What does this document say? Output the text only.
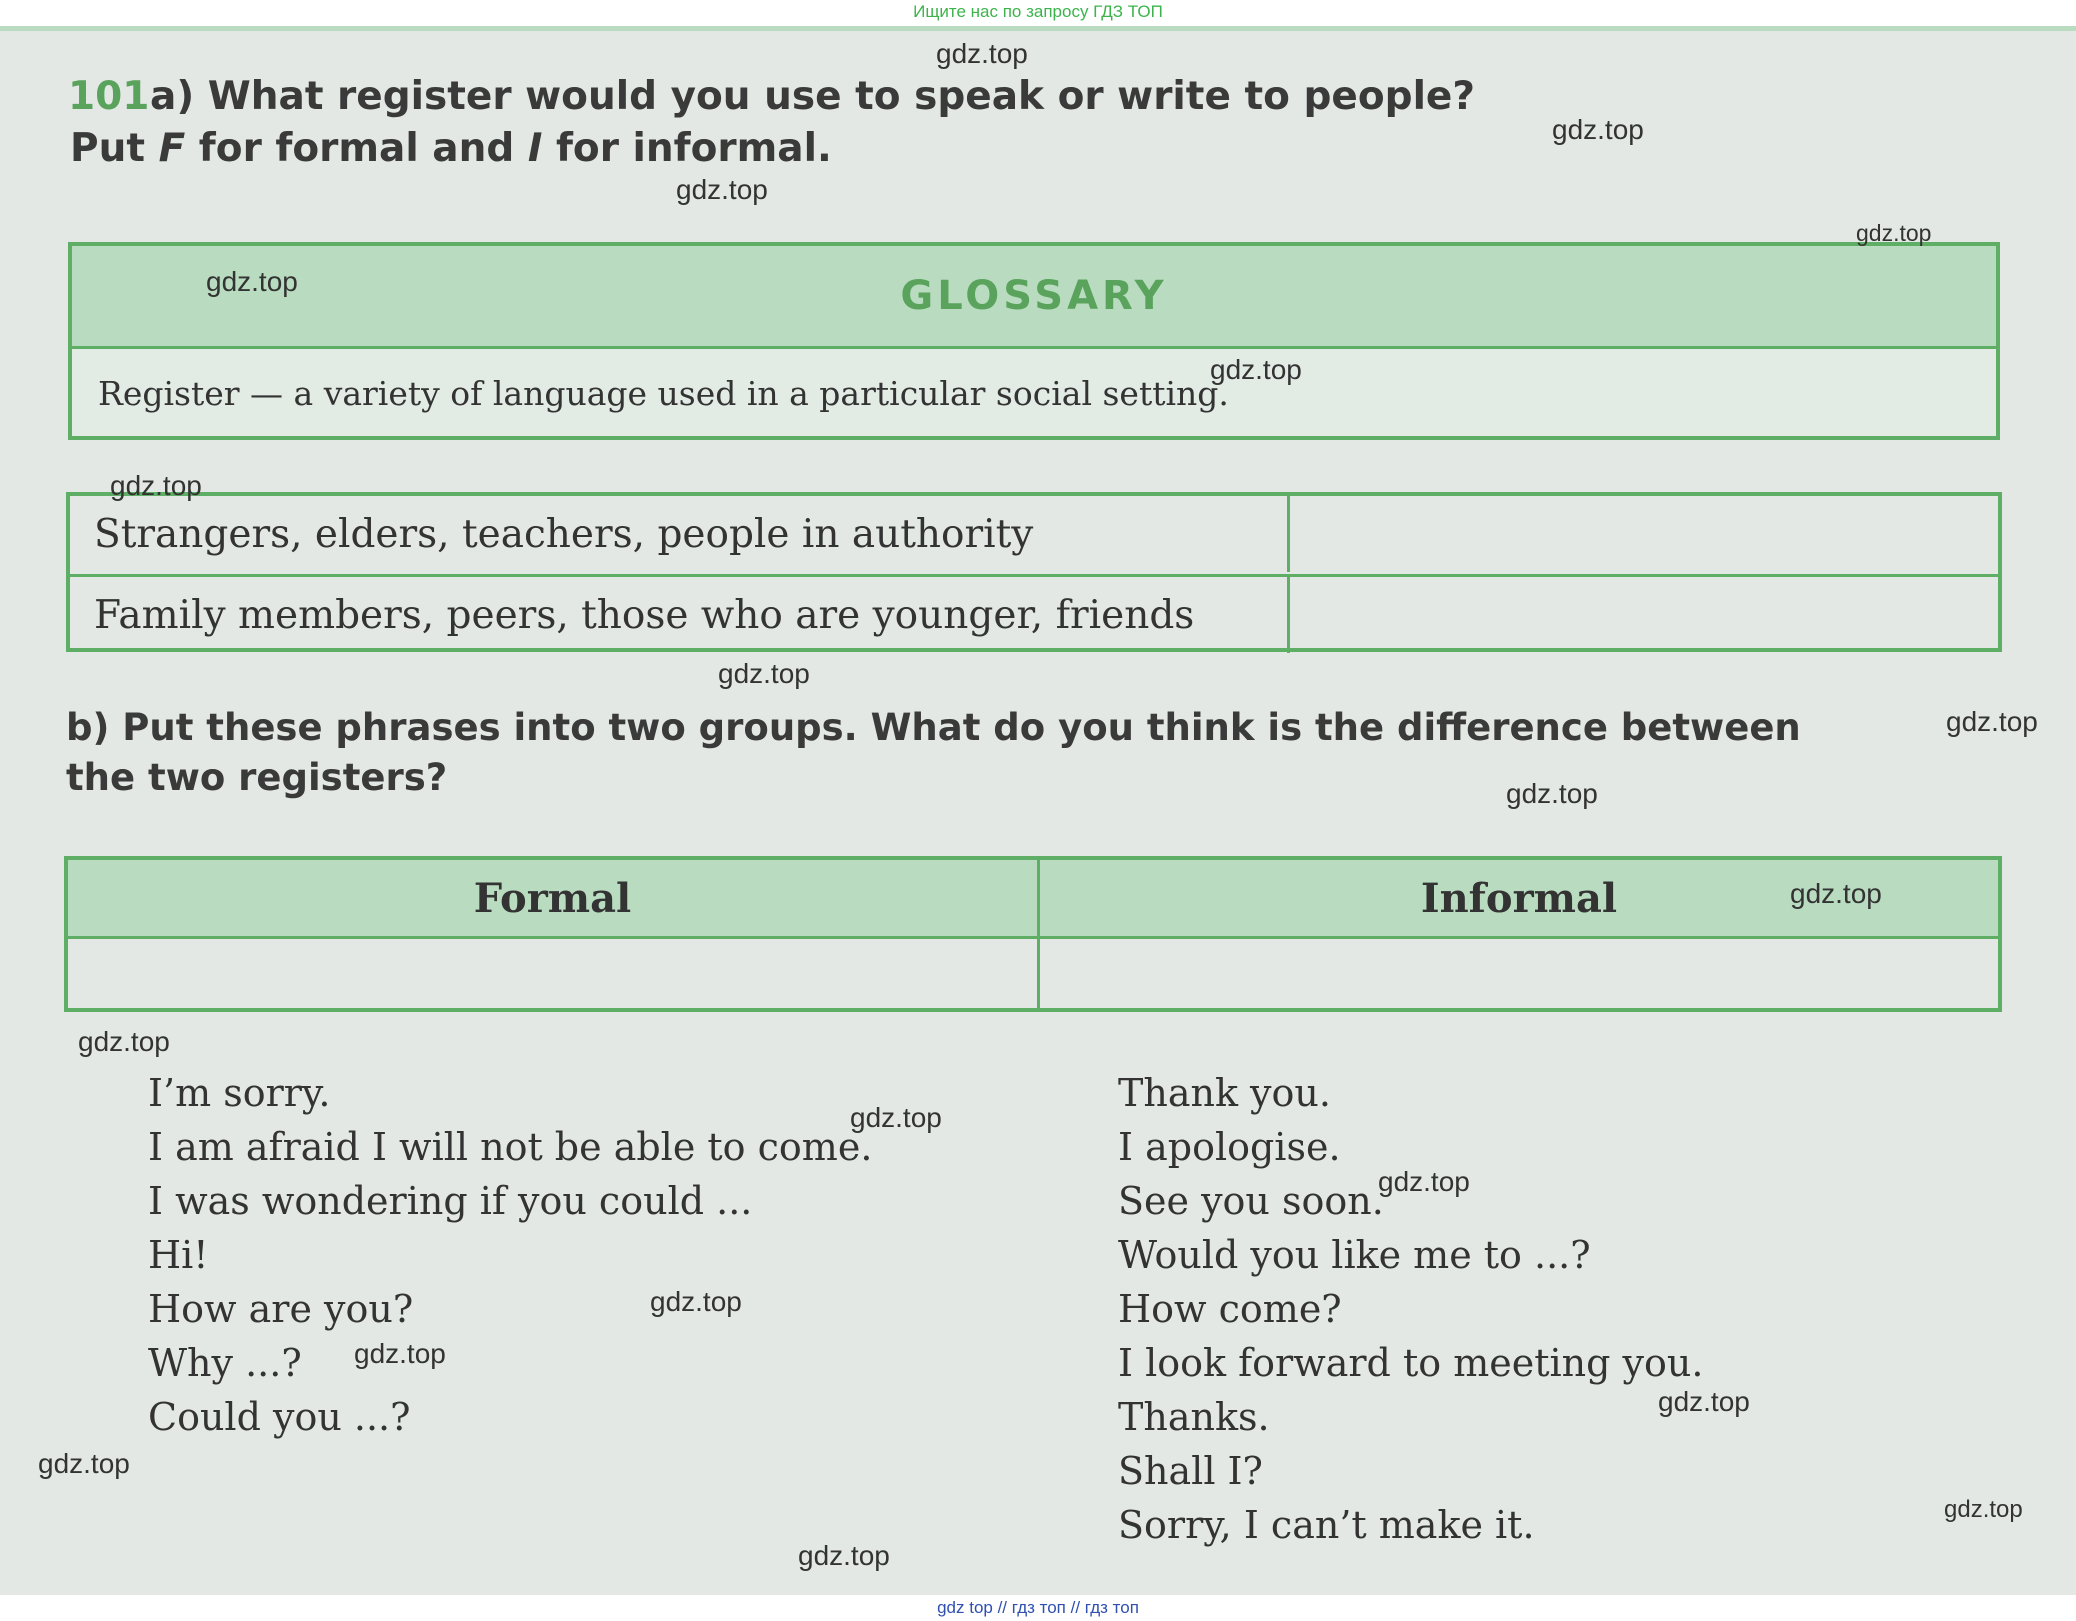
Ищите нас по запросу ГДЗ ТОП
101 a) What register would you use to speak or write to people?
Put F for formal and I for informal.
GLOSSARY
Register — a variety of language used in a particular social setting.
Strangers, elders, teachers, people in authority
Family members, peers, those who are younger, friends
b) Put these phrases into two groups. What do you think is the difference between
the two registers?
Formal	Informal
I’m sorry.
I am afraid I will not be able to come.
I was wondering if you could ...
Hi!
How are you?
Why ...?
Could you ...?
Thank you.
I apologise.
See you soon.
Would you like me to ...?
How come?
I look forward to meeting you.
Thanks.
Shall I?
Sorry, I can’t make it.
gdz.top
gdz.top
gdz.top
gdz.top
gdz.top
gdz.top
gdz.top
gdz.top
gdz.top
gdz.top
gdz.top
gdz.top
gdz.top
gdz.top
gdz.top
gdz.top
gdz.top
gdz.top
gdz.top
gdz.top
gdz top // гдз топ // гдз топ
